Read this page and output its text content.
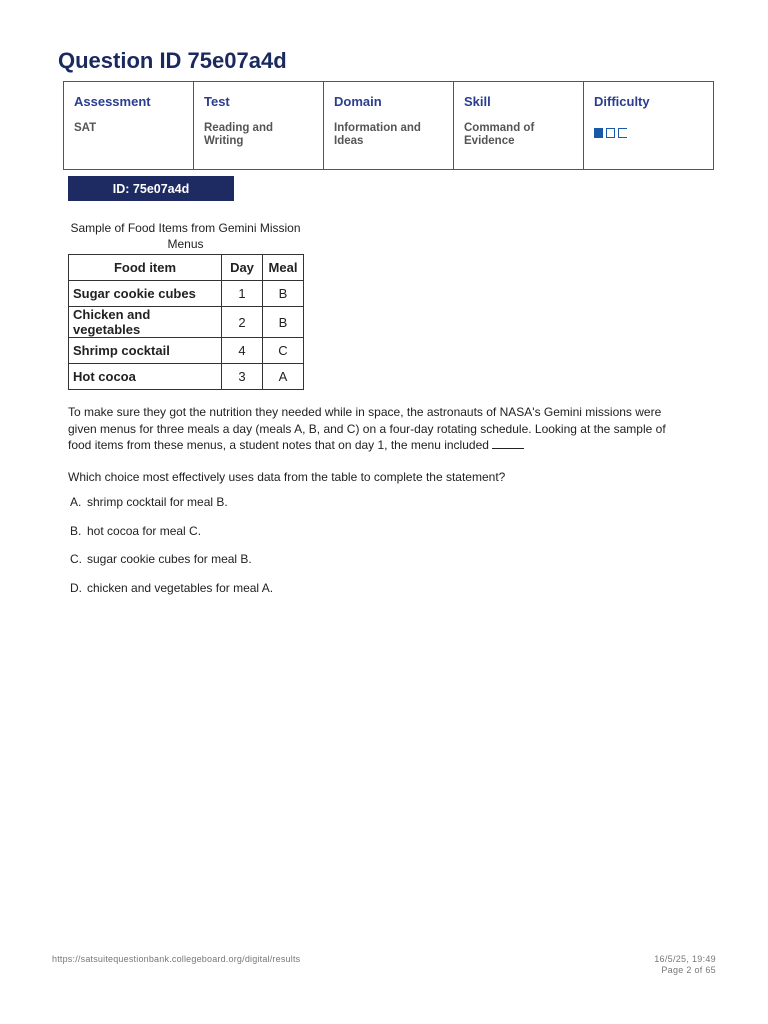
Question ID 75e07a4d
Assessment
SAT

Test
Reading and Writing

Domain
Information and Ideas

Skill
Command of Evidence

Difficulty
ID: 75e07a4d
Sample of Food Items from Gemini Mission Menus
Food item	Day	Meal
Sugar cookie cubes	1	B
Chicken and vegetables	2	B
Shrimp cocktail	4	C
Hot cocoa	3	A

To make sure they got the nutrition they needed while in space, the astronauts of NASA's Gemini missions were given menus for three meals a day (meals A, B, and C) on a four-day rotating schedule. Looking at the sample of food items from these menus, a student notes that on day 1, the menu included

Which choice most effectively uses data from the table to complete the statement?

A. shrimp cocktail for meal B.
B. hot cocoa for meal C.
C. sugar cookie cubes for meal B.
D. chicken and vegetables for meal A.
https://satsuitequestionbank.collegeboard.org/digital/results	16/5/25, 19:49
Page 2 of 65
